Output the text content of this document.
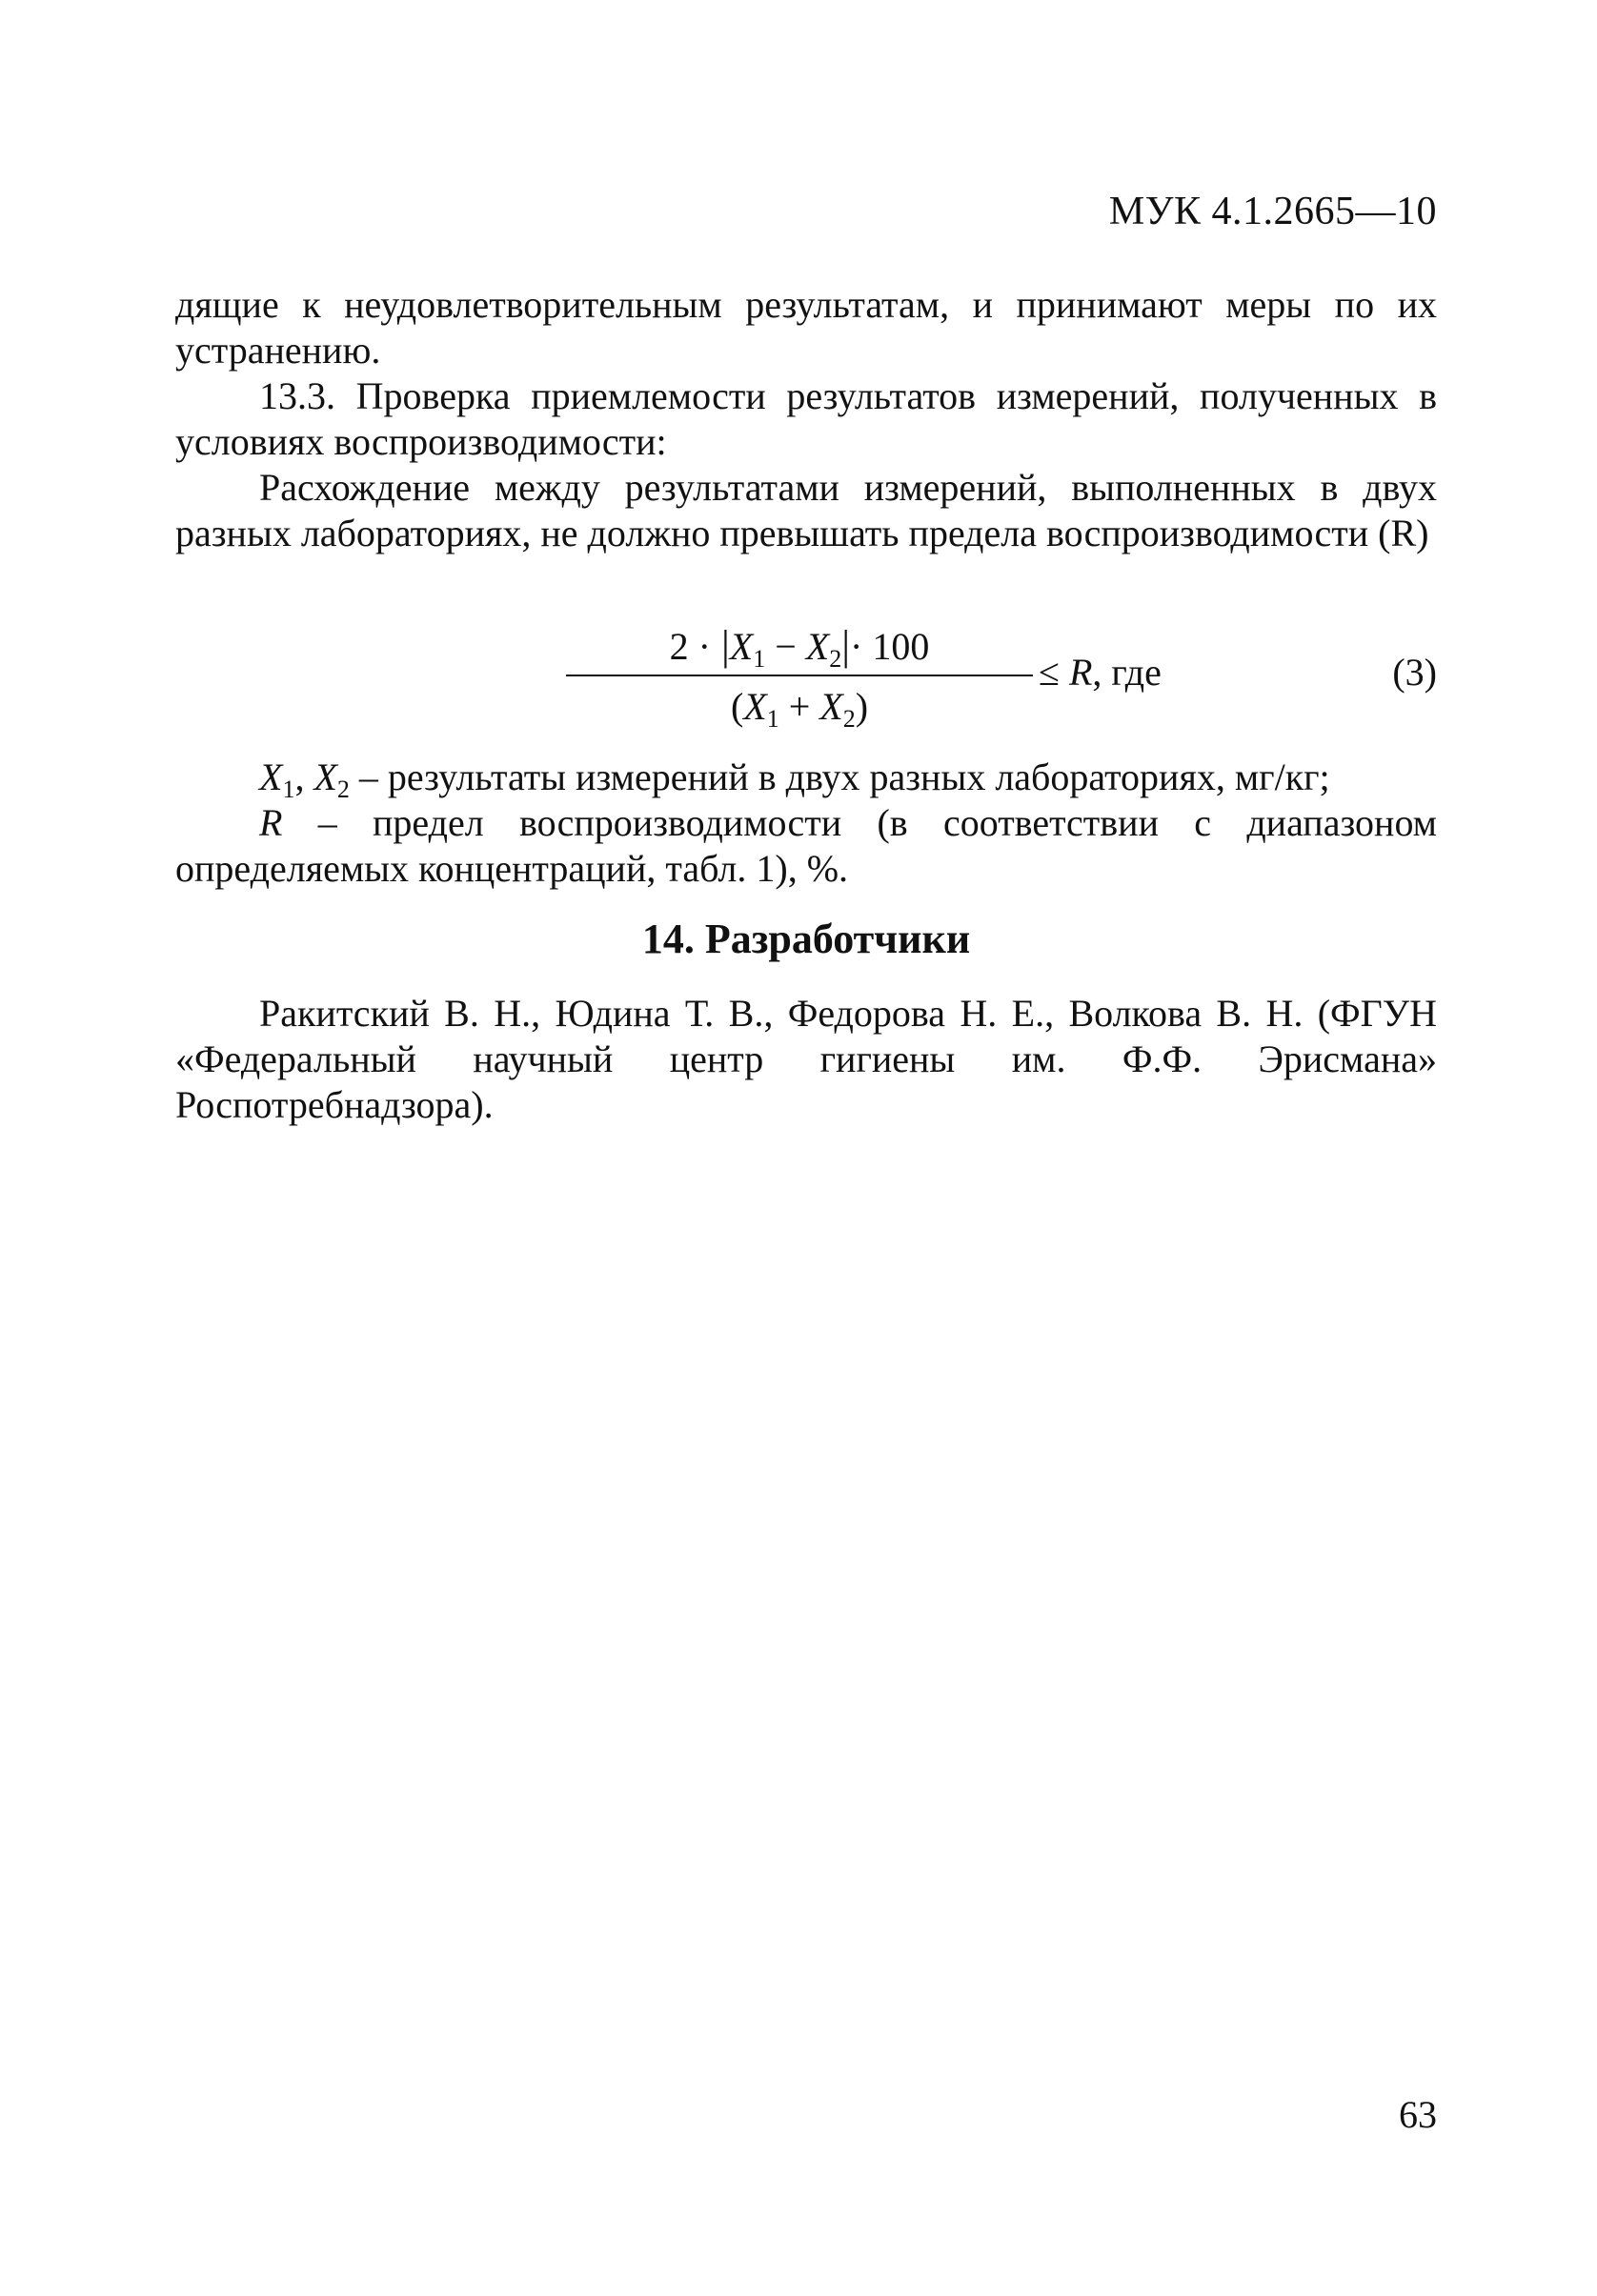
МУК 4.1.2665—10

дящие к неудовлетворительным результатам, и принимают меры по их устранению.

13.3. Проверка приемлемости результатов измерений, полученных в условиях воспроизводимости:

Расхождение между результатами измерений, выполненных в двух разных лабораториях, не должно превышать предела воспроизводимости (R)

$2 \cdot |X_1 - X_2|\cdot 100$
$(X_1 + X_2)$
≤ R, где	(3)

$X_1$, $X_2$ – результаты измерений в двух разных лабораториях, мг/кг;

R – предел воспроизводимости (в соответствии с диапазоном определяемых концентраций, табл. 1), %.

14. Разработчики

Ракитский В. Н., Юдина Т. В., Федорова Н. Е., Волкова В. Н. (ФГУН «Федеральный научный центр гигиены им. Ф.Ф. Эрисмана» Роспотребнадзора).

63
